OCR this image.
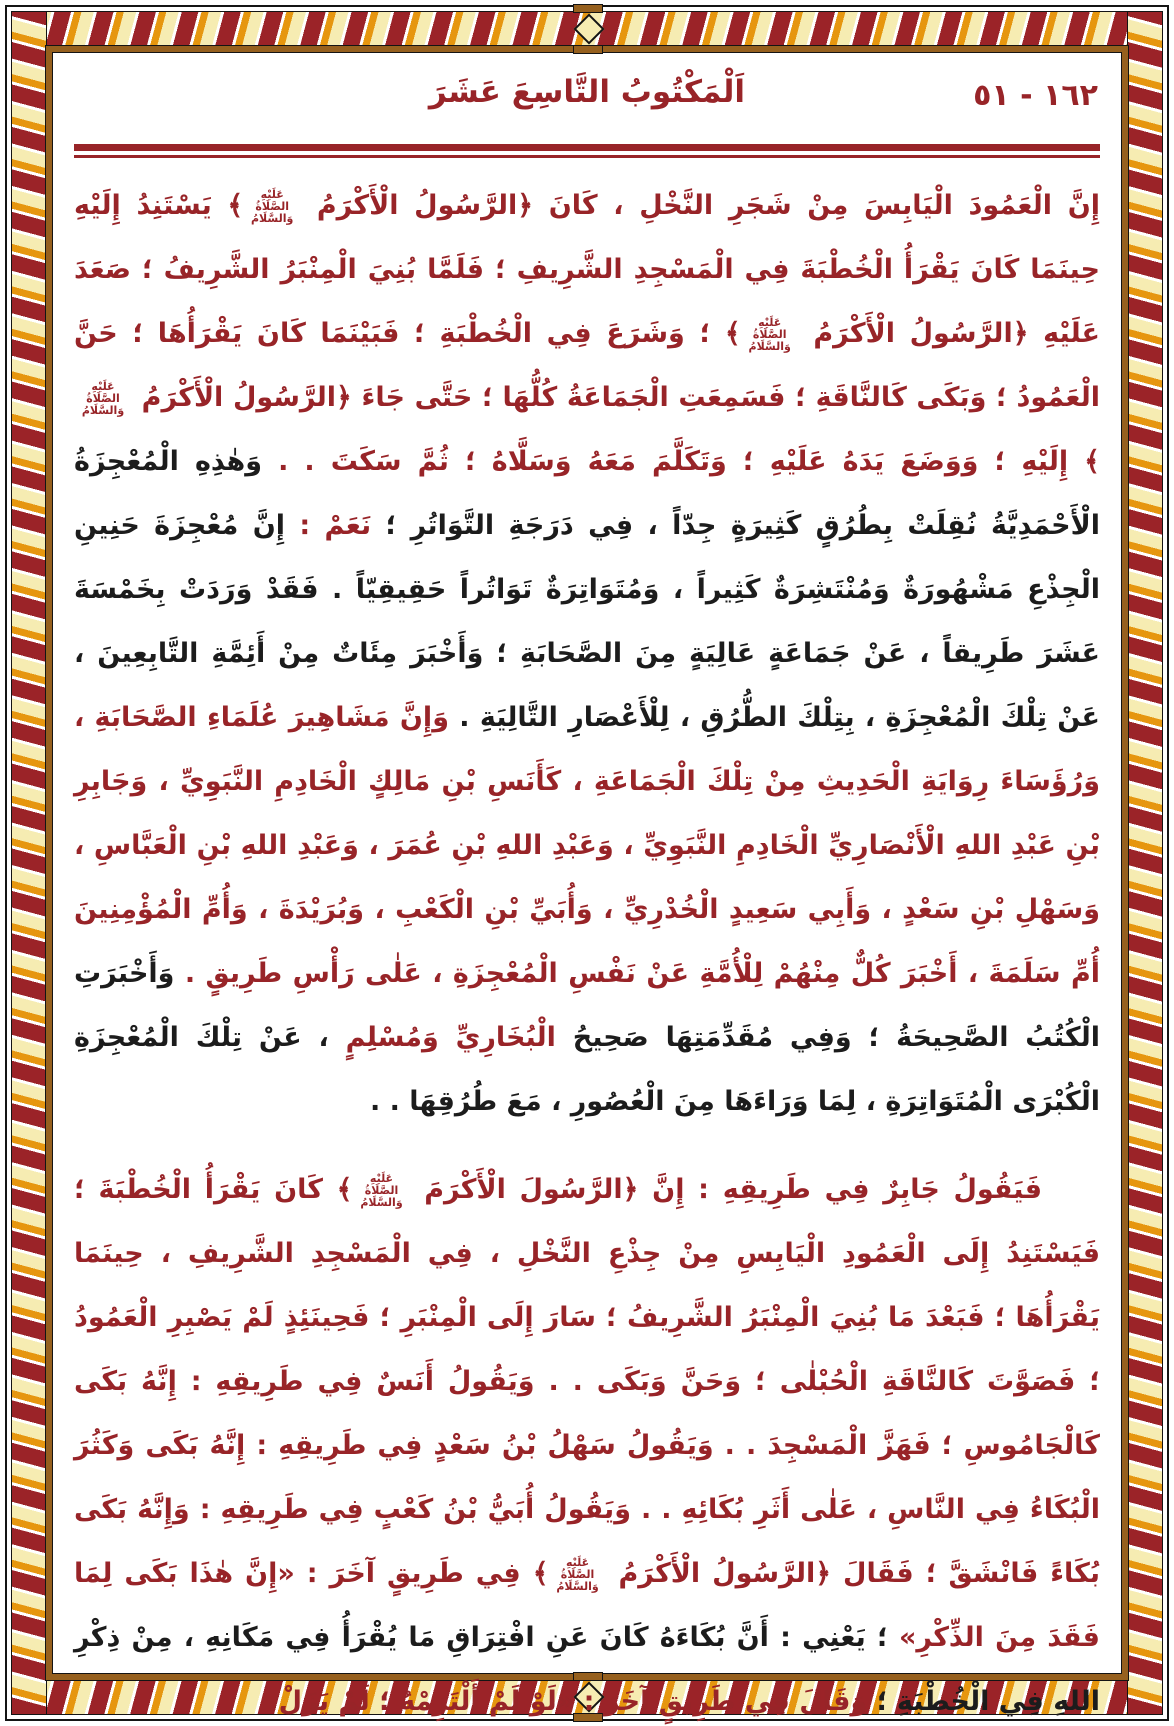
١٦٢ - ٥١
اَلْمَكْتُوبُ التَّاسِعَ عَشَرَ

إِنَّ الْعَمُودَ الْيَابِسَ مِنْ شَجَرِ النَّخْلِ ، كَانَ ﴿الرَّسُولُ الْأَكْرَمُ عَلَيْهِ الصَّلَاةُ وَالسَّلَامُ﴾ يَسْتَنِدُ إِلَيْهِ حِينَمَا كَانَ يَقْرَأُ الْخُطْبَةَ فِي الْمَسْجِدِ الشَّرِيفِ ؛ فَلَمَّا بُنِيَ الْمِنْبَرُ الشَّرِيفُ ؛ صَعَدَ عَلَيْهِ ﴿الرَّسُولُ الْأَكْرَمُ عَلَيْهِ الصَّلَاةُ وَالسَّلَامُ﴾ ؛ وَشَرَعَ فِي الْخُطْبَةِ ؛ فَبَيْنَمَا كَانَ يَقْرَأُهَا ؛ حَنَّ الْعَمُودُ ؛ وَبَكَى كَالنَّاقَةِ ؛ فَسَمِعَتِ الْجَمَاعَةُ كُلُّهَا ؛ حَتَّى جَاءَ ﴿الرَّسُولُ الْأَكْرَمُ عَلَيْهِ الصَّلَاةُ وَالسَّلَامُ﴾ إِلَيْهِ ؛ وَوَضَعَ يَدَهُ عَلَيْهِ ؛ وَتَكَلَّمَ مَعَهُ وَسَلَّاهُ ؛ ثُمَّ سَكَتَ . . وَهٰذِهِ الْمُعْجِزَةُ الْأَحْمَدِيَّةُ نُقِلَتْ بِطُرُقٍ كَثِيرَةٍ جِدّاً ، فِي دَرَجَةِ التَّوَاتُرِ ؛ نَعَمْ : إِنَّ مُعْجِزَةَ حَنِينِ الْجِذْعِ مَشْهُورَةٌ وَمُنْتَشِرَةٌ كَثِيراً ، وَمُتَوَاتِرَةٌ تَوَاتُراً حَقِيقِيّاً . فَقَدْ وَرَدَتْ بِخَمْسَةَ عَشَرَ طَرِيقاً ، عَنْ جَمَاعَةٍ عَالِيَةٍ مِنَ الصَّحَابَةِ ؛ وَأَخْبَرَ مِئَاتٌ مِنْ أَئِمَّةِ التَّابِعِينَ ، عَنْ تِلْكَ الْمُعْجِزَةِ ، بِتِلْكَ الطُّرُقِ ، لِلْأَعْصَارِ التَّالِيَةِ . وَإِنَّ مَشَاهِيرَ عُلَمَاءِ الصَّحَابَةِ ، وَرُؤَسَاءَ رِوَايَةِ الْحَدِيثِ مِنْ تِلْكَ الْجَمَاعَةِ ، كَأَنَسِ بْنِ مَالِكٍ الْخَادِمِ النَّبَوِيِّ ، وَجَابِرِ بْنِ عَبْدِ اللهِ الْأَنْصَارِيِّ الْخَادِمِ النَّبَوِيِّ ، وَعَبْدِ اللهِ بْنِ عُمَرَ ، وَعَبْدِ اللهِ بْنِ الْعَبَّاسِ ، وَسَهْلِ بْنِ سَعْدٍ ، وَأَبِي سَعِيدٍ الْخُدْرِيِّ ، وَأُبَيِّ بْنِ الْكَعْبِ ، وَبُرَيْدَةَ ، وَأُمِّ الْمُؤْمِنِينَ أُمِّ سَلَمَةَ ، أَخْبَرَ كُلٌّ مِنْهُمْ لِلْأُمَّةِ عَنْ نَفْسِ الْمُعْجِزَةِ ، عَلٰى رَأْسِ طَرِيقٍ . وَأَخْبَرَتِ الْكُتُبُ الصَّحِيحَةُ ؛ وَفِي مُقَدِّمَتِهَا صَحِيحُ الْبُخَارِيِّ وَمُسْلِمٍ ، عَنْ تِلْكَ الْمُعْجِزَةِ الْكُبْرَى الْمُتَوَاتِرَةِ ، لِمَا وَرَاءَهَا مِنَ الْعُصُورِ ، مَعَ طُرُقِهَا . .

فَيَقُولُ جَابِرٌ فِي طَرِيقِهِ : إِنَّ ﴿الرَّسُولَ الْأَكْرَمَ عَلَيْهِ الصَّلَاةُ وَالسَّلَامُ﴾ كَانَ يَقْرَأُ الْخُطْبَةَ ؛ فَيَسْتَنِدُ إِلَى الْعَمُودِ الْيَابِسِ مِنْ جِذْعِ النَّخْلِ ، فِي الْمَسْجِدِ الشَّرِيفِ ، حِينَمَا يَقْرَأُهَا ؛ فَبَعْدَ مَا بُنِيَ الْمِنْبَرُ الشَّرِيفُ ؛ سَارَ إِلَى الْمِنْبَرِ ؛ فَحِينَئِذٍ لَمْ يَصْبِرِ الْعَمُودُ ؛ فَصَوَّتَ كَالنَّاقَةِ الْحُبْلٰى ؛ وَحَنَّ وَبَكَى . . وَيَقُولُ أَنَسٌ فِي طَرِيقِهِ : إِنَّهُ بَكَى كَالْجَامُوسِ ؛ فَهَزَّ الْمَسْجِدَ . . وَيَقُولُ سَهْلُ بْنُ سَعْدٍ فِي طَرِيقِهِ : إِنَّهُ بَكَى وَكَثُرَ الْبُكَاءُ فِي النَّاسِ ، عَلٰى أَثَرِ بُكَائِهِ . . وَيَقُولُ أُبَيُّ بْنُ كَعْبٍ فِي طَرِيقِهِ : وَإِنَّهُ بَكَى بُكَاءً فَانْشَقَّ ؛ فَقَالَ ﴿الرَّسُولُ الْأَكْرَمُ عَلَيْهِ الصَّلَاةُ وَالسَّلَامُ﴾ فِي طَرِيقٍ آخَرَ : «إِنَّ هٰذَا بَكَى لِمَا فَقَدَ مِنَ الذِّكْرِ» ؛ يَعْنِي : أَنَّ بُكَاءَهُ كَانَ عَنِ افْتِرَاقِ مَا يُقْرَأُ فِي مَكَانِهِ ، مِنْ ذِكْرِ اللهِ فِي الْخُطْبَةِ ؛ وَقَالَ فِي طَرِيقٍ آخَرَ : «لَوْ لَمْ أَلْتَزِمْهُ ؛ لَمْ يَزَلْ
